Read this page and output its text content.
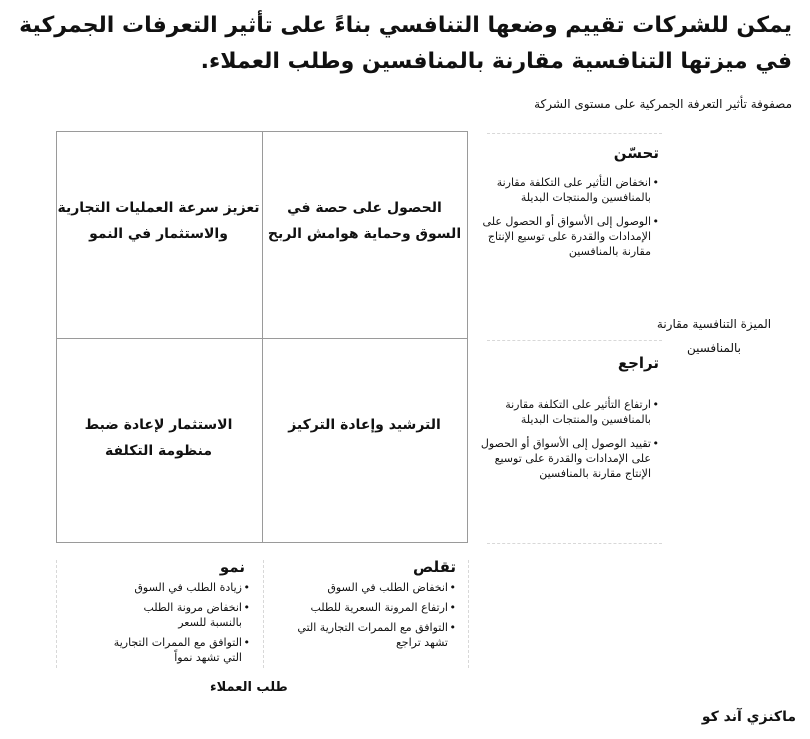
يمكن للشركات تقييم وضعها التنافسي بناءً على تأثير التعرفات الجمركية
في ميزتها التنافسية مقارنة بالمنافسين وطلب العملاء.
مصفوفة تأثير التعرفة الجمركية على مستوى الشركة
تعزيز سرعة العمليات التجارية والاستثمار في النمو
الحصول على حصة في السوق وحماية هوامش الربح
الاستثمار لإعادة ضبط منظومة التكلفة
الترشيد وإعادة التركيز
تحسّن
• انخفاض التأثير على التكلفة مقارنة بالمنافسين والمنتجات البديلة
• الوصول إلى الأسواق أو الحصول على الإمدادات والقدرة على توسيع الإنتاج مقارنة بالمنافسين
تراجع
• ارتفاع التأثير على التكلفة مقارنة بالمنافسين والمنتجات البديلة
• تقييد الوصول إلى الأسواق أو الحصول على الإمدادات والقدرة على توسيع الإنتاج مقارنة بالمنافسين
الميزة التنافسية مقارنة بالمنافسين
نمو
• زيادة الطلب في السوق
• انخفاض مرونة الطلب بالنسبة للسعر
• التوافق مع الممرات التجارية التي تشهد نمواً
تقلص
• انخفاض الطلب في السوق
• ارتفاع المرونة السعرية للطلب
• التوافق مع الممرات التجارية التي تشهد تراجع
طلب العملاء
ماكنزي آند كو
